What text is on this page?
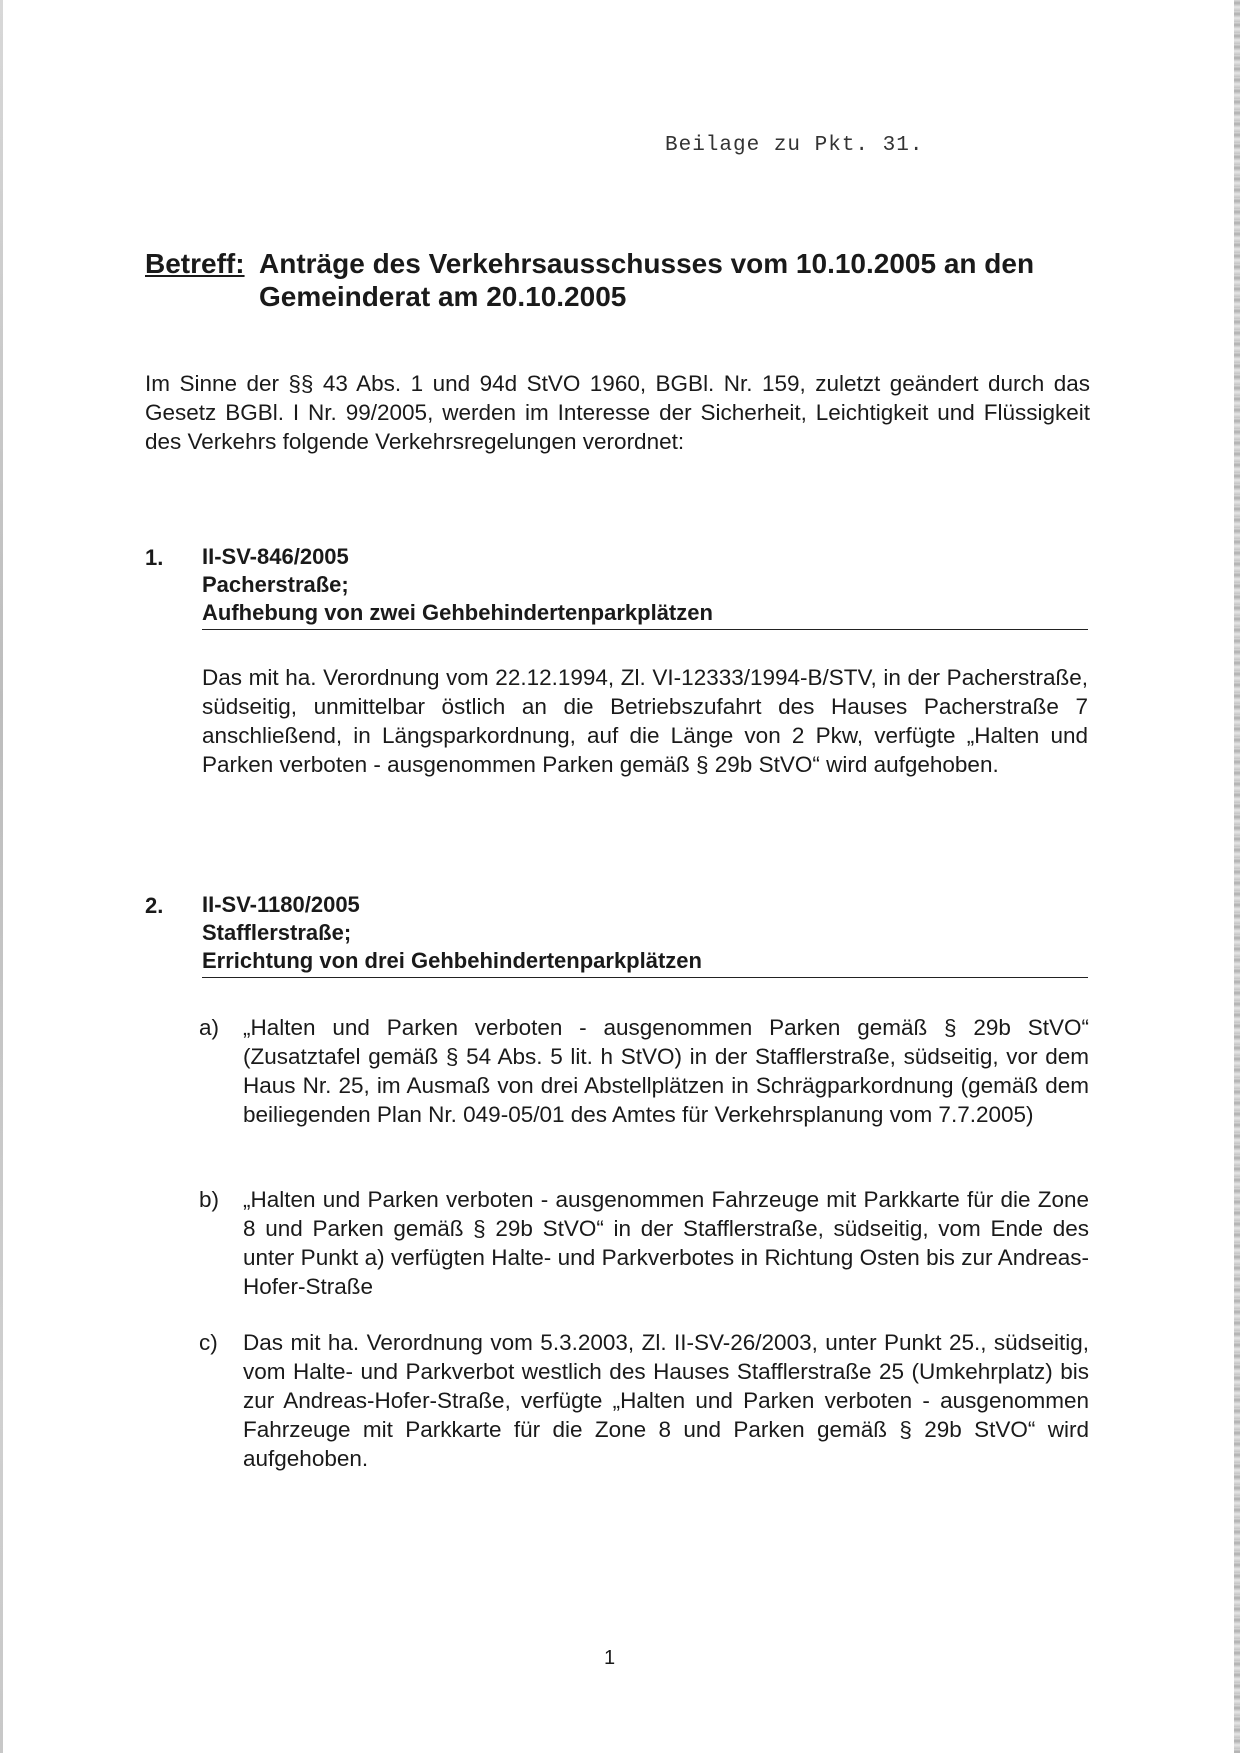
Beilage zu Pkt. 31.
Betreff: Anträge des Verkehrsausschusses vom 10.10.2005 an den
Gemeinderat am 20.10.2005
Im Sinne der §§ 43 Abs. 1 und 94d StVO 1960, BGBl. Nr. 159, zuletzt geändert durch das Gesetz BGBl. I Nr. 99/2005, werden im Interesse der Sicherheit, Leichtigkeit und Flüssigkeit des Verkehrs folgende Verkehrsregelungen verordnet:
1. II-SV-846/2005
Pacherstraße;
Aufhebung von zwei Gehbehindertenparkplätzen
Das mit ha. Verordnung vom 22.12.1994, Zl. VI-12333/1994-B/STV, in der Pacherstraße, südseitig, unmittelbar östlich an die Betriebszufahrt des Hauses Pacherstraße 7 anschließend, in Längsparkordnung, auf die Länge von 2 Pkw, verfügte „Halten und Parken verboten - ausgenommen Parken gemäß § 29b StVO“ wird aufgehoben.
2. II-SV-1180/2005
Stafflerstraße;
Errichtung von drei Gehbehindertenparkplätzen
a) „Halten und Parken verboten - ausgenommen Parken gemäß § 29b StVO“ (Zusatztafel gemäß § 54 Abs. 5 lit. h StVO) in der Stafflerstraße, südseitig, vor dem Haus Nr. 25, im Ausmaß von drei Abstellplätzen in Schrägparkordnung (gemäß dem beiliegenden Plan Nr. 049-05/01 des Amtes für Verkehrsplanung vom 7.7.2005)
b) „Halten und Parken verboten - ausgenommen Fahrzeuge mit Parkkarte für die Zone 8 und Parken gemäß § 29b StVO“ in der Stafflerstraße, südseitig, vom Ende des unter Punkt a) verfügten Halte- und Parkverbotes in Richtung Osten bis zur Andreas-Hofer-Straße
c) Das mit ha. Verordnung vom 5.3.2003, Zl. II-SV-26/2003, unter Punkt 25., südseitig, vom Halte- und Parkverbot westlich des Hauses Stafflerstraße 25 (Umkehrplatz) bis zur Andreas-Hofer-Straße, verfügte „Halten und Parken verboten - ausgenommen Fahrzeuge mit Parkkarte für die Zone 8 und Parken gemäß § 29b StVO“ wird aufgehoben.
1
